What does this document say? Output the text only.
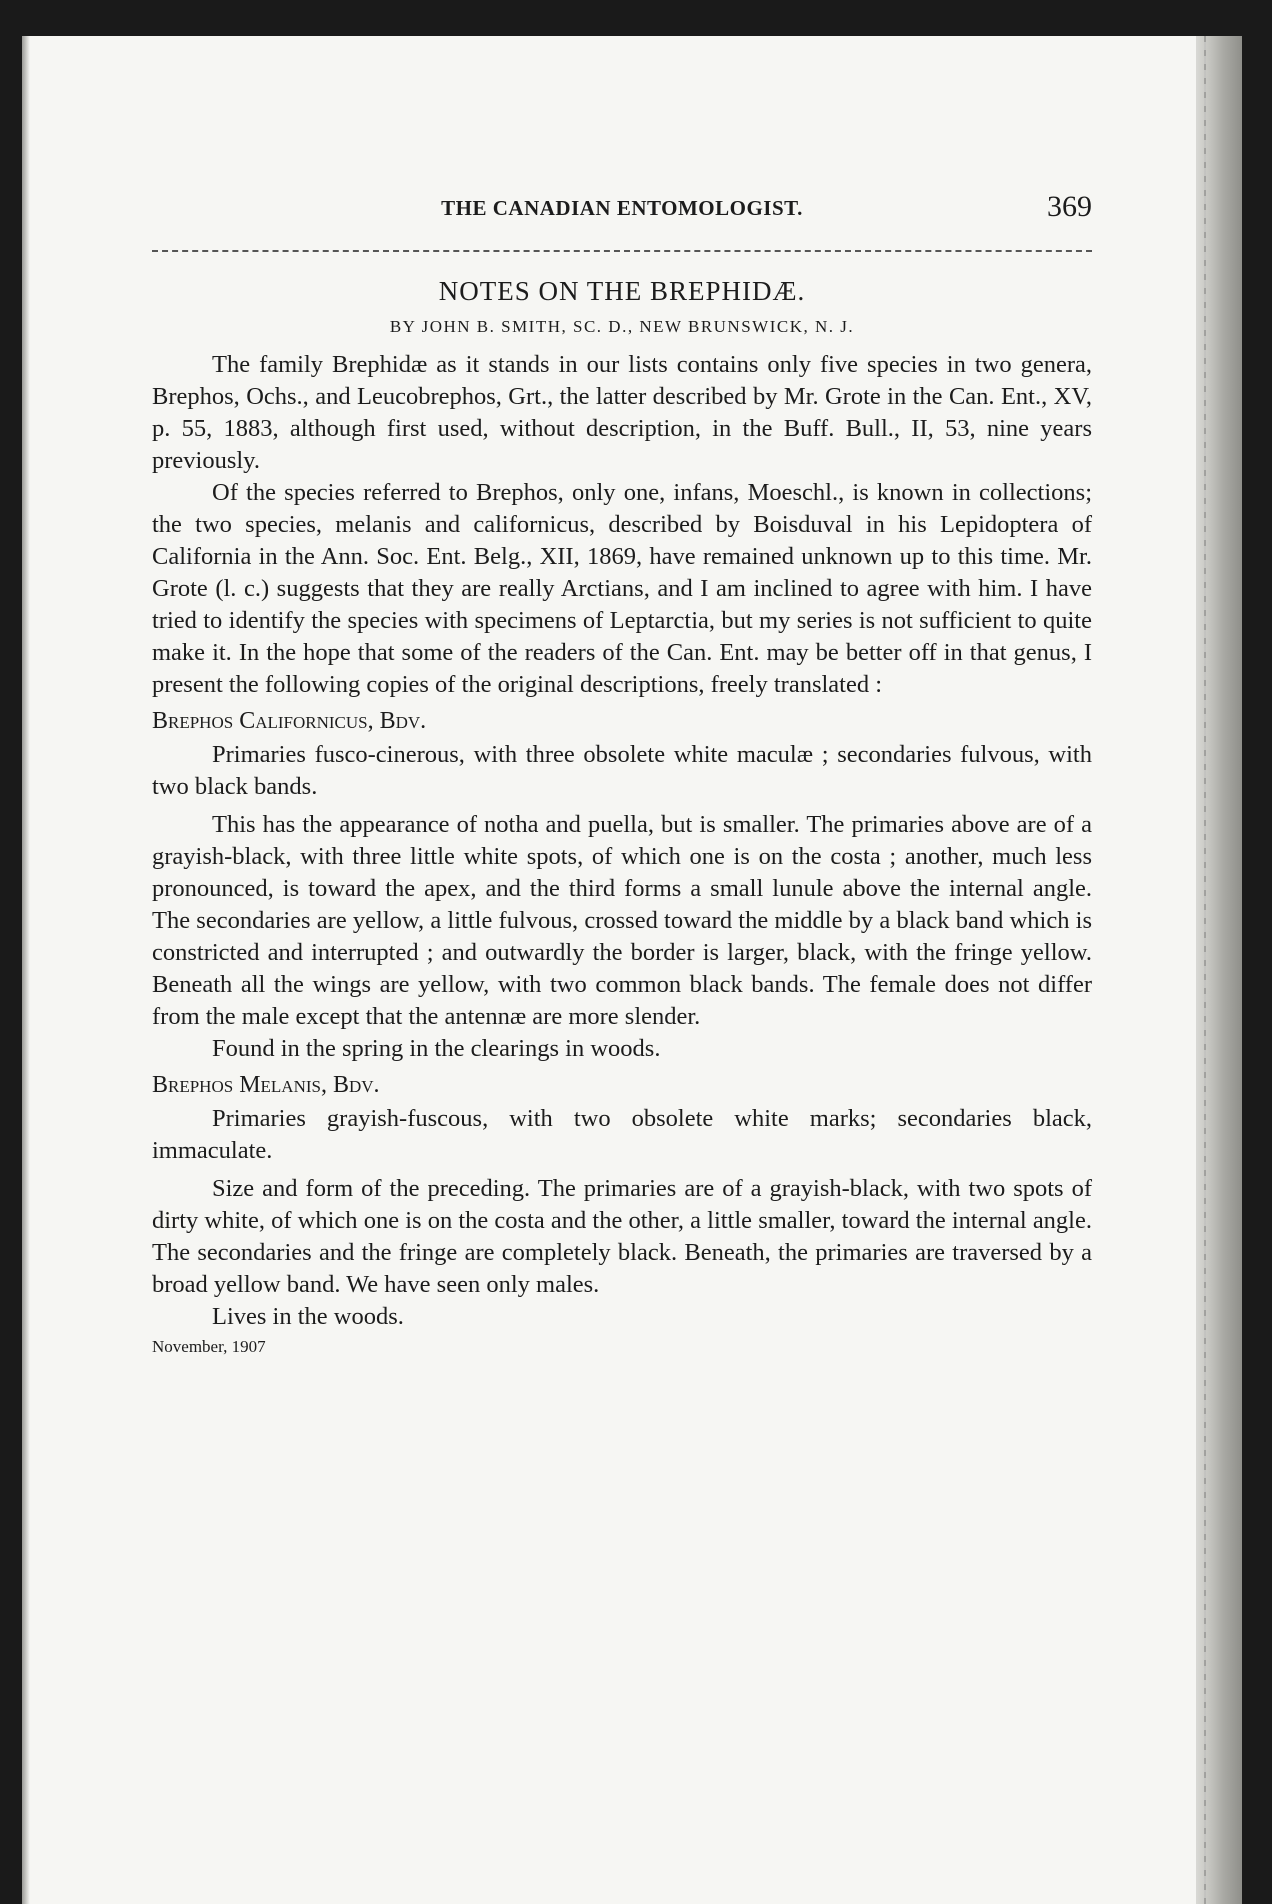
THE CANADIAN ENTOMOLOGIST.	369
NOTES ON THE BREPHIDÆ.
BY JOHN B. SMITH, SC. D., NEW BRUNSWICK, N. J.

The family Brephidæ as it stands in our lists contains only five species in two genera, Brephos, Ochs., and Leucobrephos, Grt., the latter described by Mr. Grote in the Can. Ent., XV, p. 55, 1883, although first used, without description, in the Buff. Bull., II, 53, nine years previously.

Of the species referred to Brephos, only one, infans, Moeschl., is known in collections; the two species, melanis and californicus, described by Boisduval in his Lepidoptera of California in the Ann. Soc. Ent. Belg., XII, 1869, have remained unknown up to this time. Mr. Grote (l. c.) suggests that they are really Arctians, and I am inclined to agree with him. I have tried to identify the species with specimens of Leptarctia, but my series is not sufficient to quite make it. In the hope that some of the readers of the Can. Ent. may be better off in that genus, I present the following copies of the original descriptions, freely translated :

Brephos Californicus, Bdv.

Primaries fusco-cinerous, with three obsolete white maculæ ; secondaries fulvous, with two black bands.

This has the appearance of notha and puella, but is smaller. The primaries above are of a grayish-black, with three little white spots, of which one is on the costa ; another, much less pronounced, is toward the apex, and the third forms a small lunule above the internal angle. The secondaries are yellow, a little fulvous, crossed toward the middle by a black band which is constricted and interrupted ; and outwardly the border is larger, black, with the fringe yellow. Beneath all the wings are yellow, with two common black bands. The female does not differ from the male except that the antennæ are more slender.

Found in the spring in the clearings in woods.

Brephos Melanis, Bdv.

Primaries grayish-fuscous, with two obsolete white marks; secondaries black, immaculate.

Size and form of the preceding. The primaries are of a grayish-black, with two spots of dirty white, of which one is on the costa and the other, a little smaller, toward the internal angle. The secondaries and the fringe are completely black. Beneath, the primaries are traversed by a broad yellow band. We have seen only males.

Lives in the woods.

November, 1907
